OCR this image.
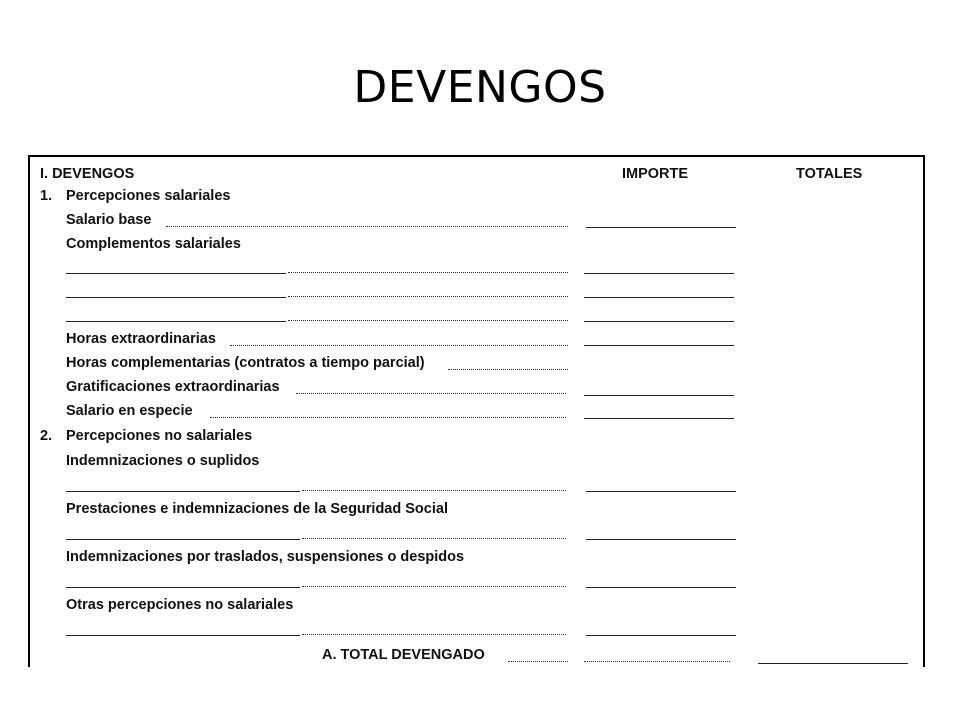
DEVENGOS
I. DEVENGOS	IMPORTE	TOTALES
1. Percepciones salariales
Salario base
Complementos salariales
Horas extraordinarias
Horas complementarias (contratos a tiempo parcial)
Gratificaciones extraordinarias
Salario en especie
2. Percepciones no salariales
Indemnizaciones o suplidos
Prestaciones e indemnizaciones de la Seguridad Social
Indemnizaciones por traslados, suspensiones o despidos
Otras percepciones no salariales
A. TOTAL DEVENGADO
